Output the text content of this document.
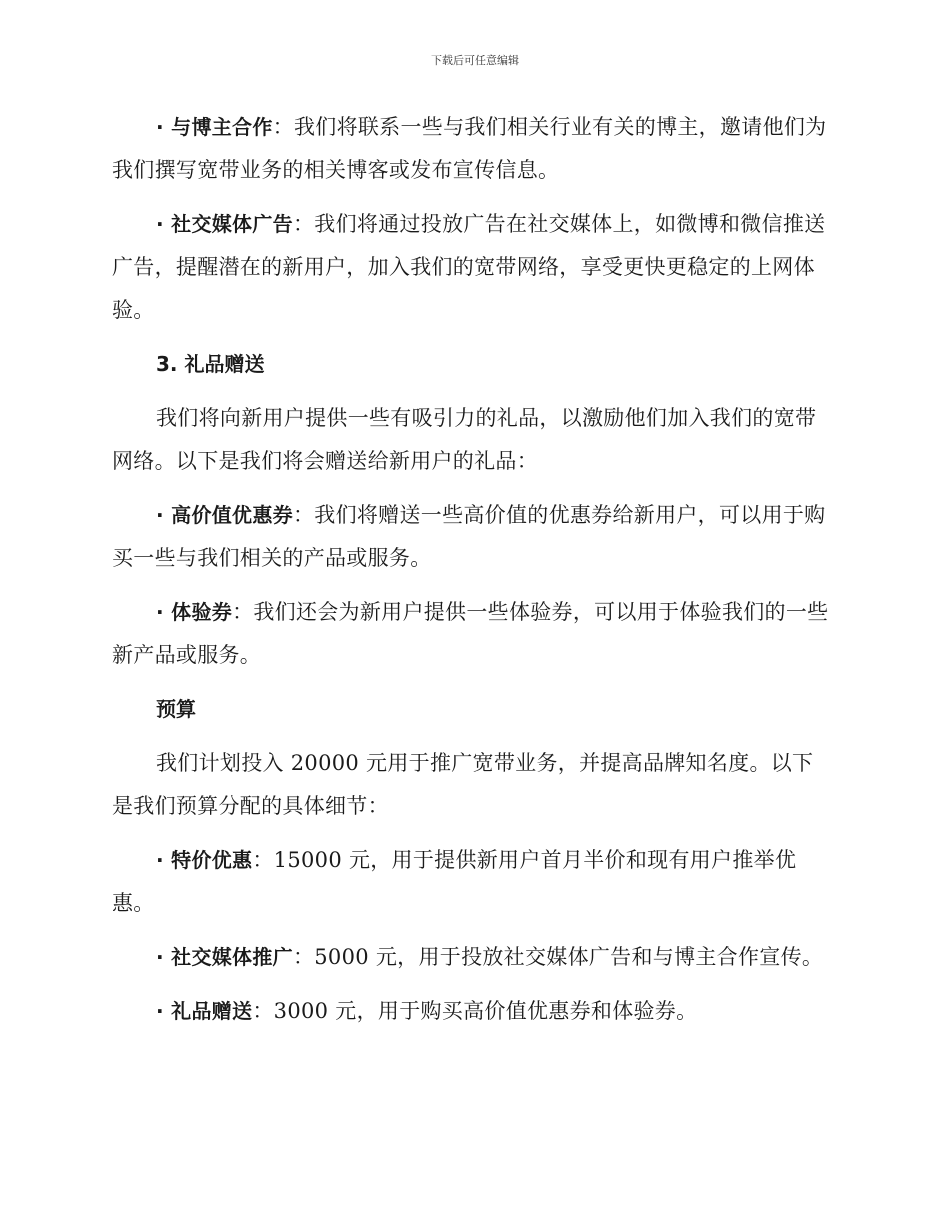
下载后可任意编辑

· 与博主合作：我们将联系一些与我们相关行业有关的博主，邀请他们为我们撰写宽带业务的相关博客或发布宣传信息。

· 社交媒体广告：我们将通过投放广告在社交媒体上，如微博和微信推送广告，提醒潜在的新用户，加入我们的宽带网络，享受更快更稳定的上网体验。

3. 礼品赠送

我们将向新用户提供一些有吸引力的礼品，以激励他们加入我们的宽带网络。以下是我们将会赠送给新用户的礼品：

· 高价值优惠券：我们将赠送一些高价值的优惠券给新用户，可以用于购买一些与我们相关的产品或服务。

· 体验券：我们还会为新用户提供一些体验券，可以用于体验我们的一些新产品或服务。

预算

我们计划投入 20000 元用于推广宽带业务，并提高品牌知名度。以下是我们预算分配的具体细节：

· 特价优惠：15000 元，用于提供新用户首月半价和现有用户推举优惠。

· 社交媒体推广：5000 元，用于投放社交媒体广告和与博主合作宣传。

· 礼品赠送：3000 元，用于购买高价值优惠券和体验券。
